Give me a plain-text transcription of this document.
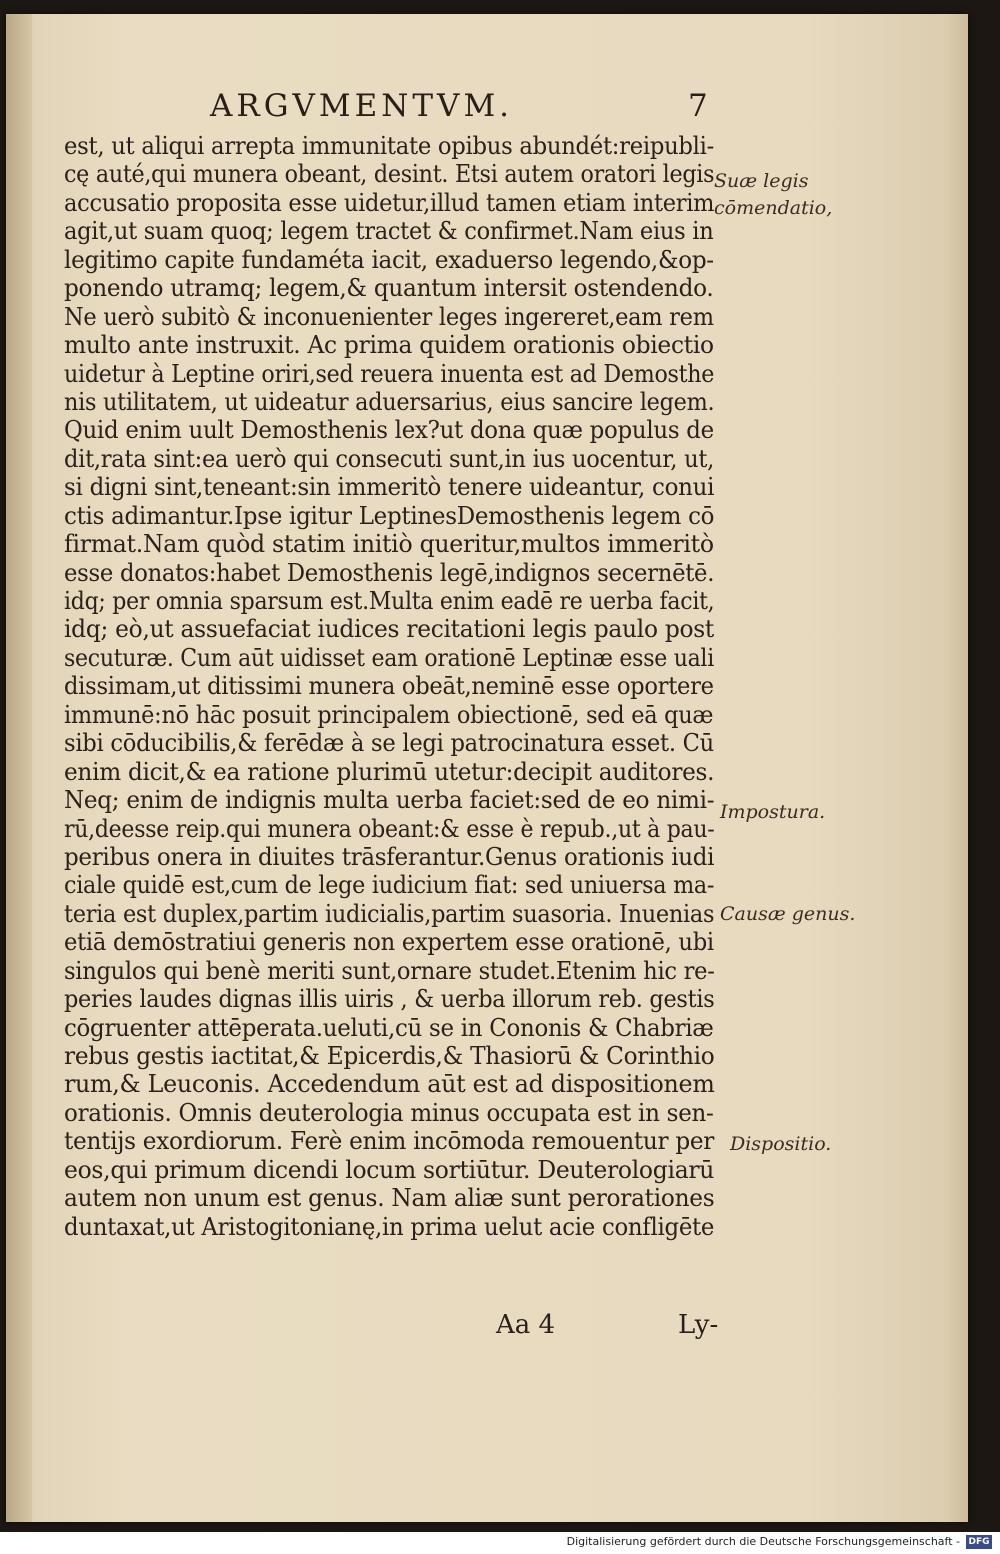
ARGVMENTVM.	7
est, ut aliqui arrepta immunitate opibus abundét:reipubli-
cę auté,qui munera obeant, desint. Etsi autem oratori legis
accusatio proposita esse uidetur,illud tamen etiam interim
agit,ut suam quoq; legem tractet & confirmet.Nam eius in
legitimo capite fundaméta iacit, exaduerso legendo,&op-
ponendo utramq; legem,& quantum intersit ostendendo.
Ne uerò subitò & inconuenienter leges ingereret,eam rem
multo ante instruxit. Ac prima quidem orationis obiectio
uidetur à Leptine oriri,sed reuera inuenta est ad Demosthe
nis utilitatem, ut uideatur aduersarius, eius sancire legem.
Quid enim uult Demosthenis lex?ut dona quæ populus de
dit,rata sint:ea uerò qui consecuti sunt,in ius uocentur, ut,
si digni sint,teneant:sin immeritò tenere uideantur, conui
ctis adimantur.Ipse igitur LeptinesDemosthenis legem cō
firmat.Nam quòd statim initiò queritur,multos immeritò
esse donatos:habet Demosthenis legē,indignos secernētē.
idq; per omnia sparsum est.Multa enim eadē re uerba facit,
idq; eò,ut assuefaciat iudices recitationi legis paulo post
secuturæ. Cum aūt uidisset eam orationē Leptinæ esse uali
dissimam,ut ditissimi munera obeāt,neminē esse oportere
immunē:nō hāc posuit principalem obiectionē, sed eā quæ
sibi cōducibilis,& ferēdæ à se legi patrocinatura esset. Cū
enim dicit,& ea ratione plurimū utetur:decipit auditores.
Neq; enim de indignis multa uerba faciet:sed de eo nimi-
rū,deesse reip.qui munera obeant:& esse è repub.,ut à pau-
peribus onera in diuites trāsferantur.Genus orationis iudi
ciale quidē est,cum de lege iudicium fiat: sed uniuersa ma-
teria est duplex,partim iudicialis,partim suasoria. Inuenias
etiā demōstratiui generis non expertem esse orationē, ubi
singulos qui benè meriti sunt,ornare studet.Etenim hic re-
peries laudes dignas illis uiris , & uerba illorum reb. gestis
cōgruenter attēperata.ueluti,cū se in Cononis & Chabriæ
rebus gestis iactitat,& Epicerdis,& Thasiorū & Corinthio
rum,& Leuconis. Accedendum aūt est ad dispositionem
orationis. Omnis deuterologia minus occupata est in sen-
tentijs exordiorum. Ferè enim incōmoda remouentur per
eos,qui primum dicendi locum sortiūtur. Deuterologiarū
autem non unum est genus. Nam aliæ sunt perorationes
duntaxat,ut Aristogitonianę,in prima uelut acie confligēte
Suæ legis
cōmendatio,
Impostura.
Causæ genus.
Dispositio.
Aa 4	Ly-
Digitalisierung gefördert durch die Deutsche Forschungsgemeinschaft - DFG
